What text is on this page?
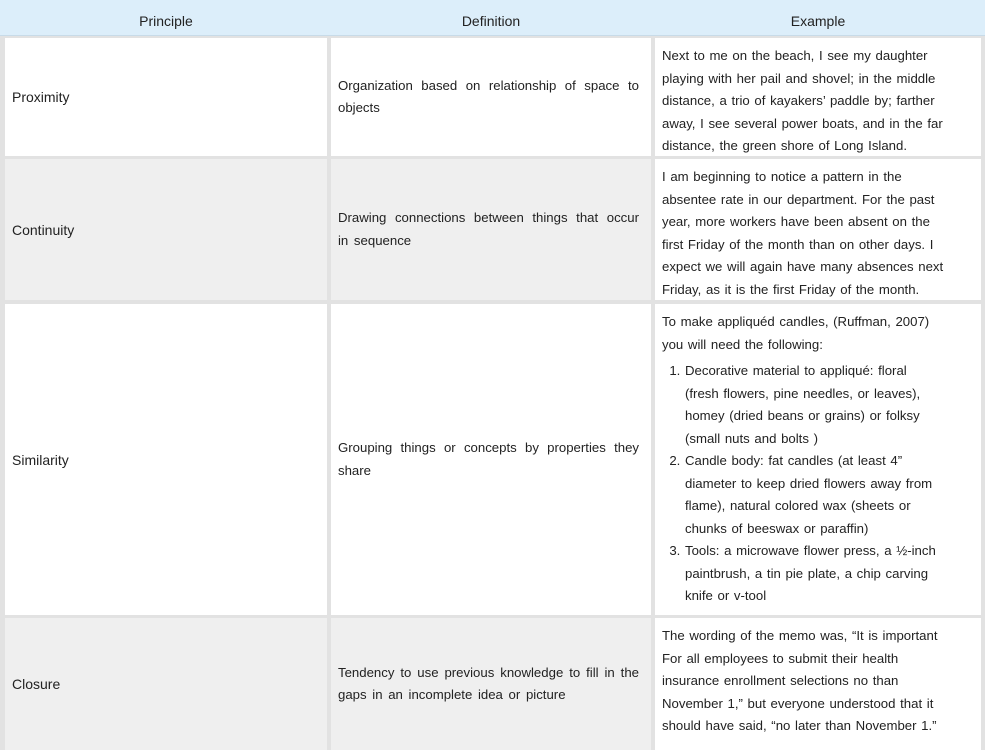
Principle	Definition	Example
Proximity
Organization based on relationship of space to objects
Next to me on the beach, I see my daughter
playing with her pail and shovel; in the middle
distance, a trio of kayakers’ paddle by; farther
away, I see several power boats, and in the far
distance, the green shore of Long Island.
Continuity
Drawing connections between things that occur in sequence
I am beginning to notice a pattern in the
absentee rate in our department. For the past
year, more workers have been absent on the
first Friday of the month than on other days. I
expect we will again have many absences next
Friday, as it is the first Friday of the month.
Similarity
Grouping things or concepts by properties they share
To make appliquéd candles, (Ruffman, 2007)
you will need the following:
1. Decorative material to appliqué: floral
(fresh flowers, pine needles, or leaves),
homey (dried beans or grains) or folksy
(small nuts and bolts )
2. Candle body: fat candles (at least 4”
diameter to keep dried flowers away from
flame), natural colored wax (sheets or
chunks of beeswax or paraffin)
3. Tools: a microwave flower press, a ½-inch
paintbrush, a tin pie plate, a chip carving
knife or v-tool
Closure
Tendency to use previous knowledge to fill in the gaps in an incomplete idea or picture
The wording of the memo was, “It is important
For all employees to submit their health
insurance enrollment selections no than
November 1,” but everyone understood that it
should have said, “no later than November 1.”
